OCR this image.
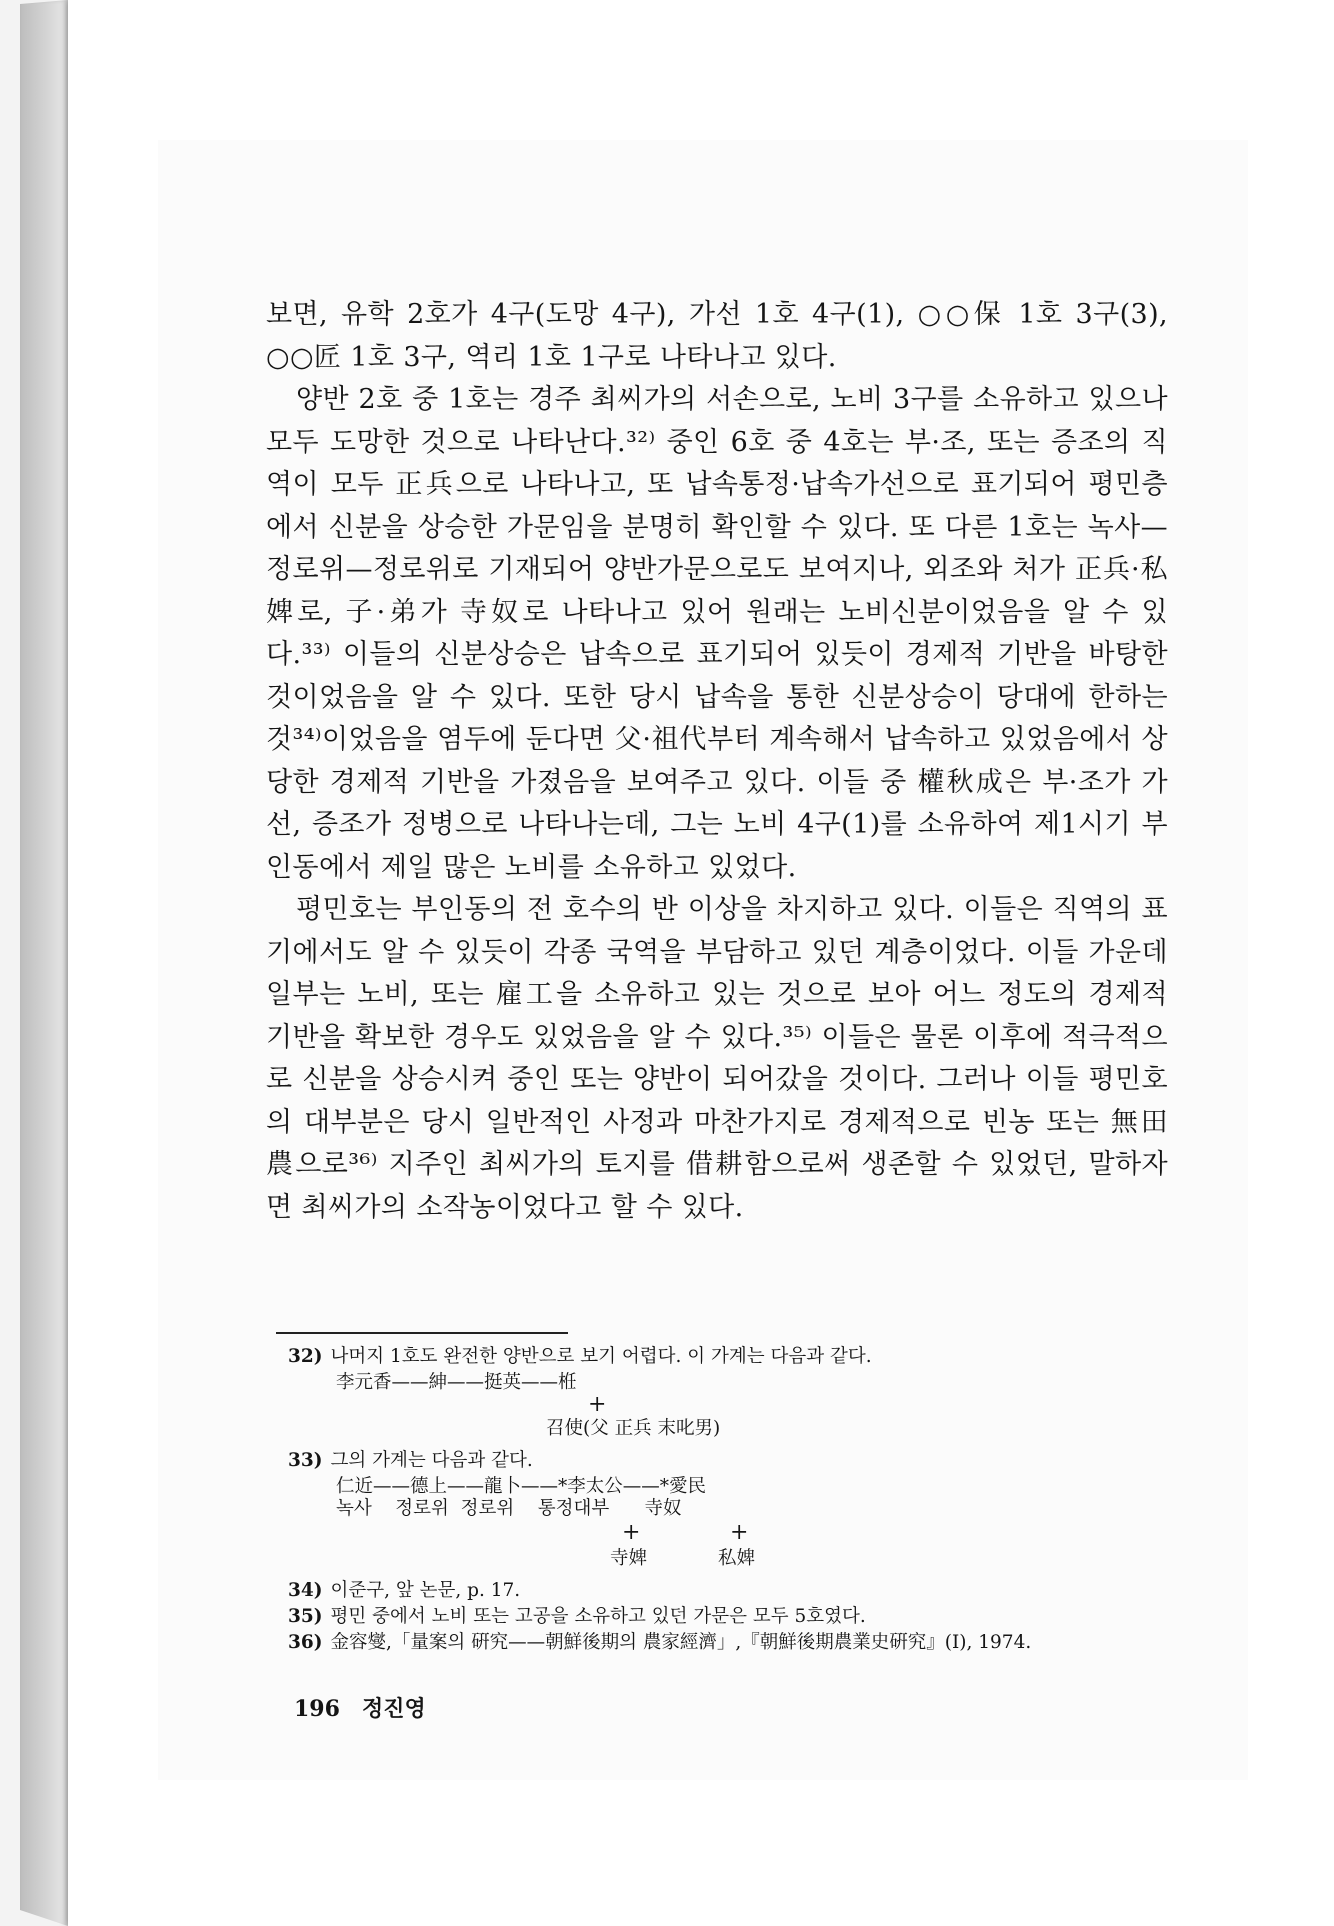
보면, 유학 2호가 4구(도망 4구), 가선 1호 4구(1), ○○保 1호 3구(3), ○○匠 1호 3구, 역리 1호 1구로 나타나고 있다.

양반 2호 중 1호는 경주 최씨가의 서손으로, 노비 3구를 소유하고 있으나 모두 도망한 것으로 나타난다.³²⁾ 중인 6호 중 4호는 부·조, 또는 증조의 직역이 모두 正兵으로 나타나고, 또 납속통정·납속가선으로 표기되어 평민층에서 신분을 상승한 가문임을 분명히 확인할 수 있다. 또 다른 1호는 녹사—정로위—정로위로 기재되어 양반가문으로도 보여지나, 외조와 처가 正兵·私婢로, 子·弟가 寺奴로 나타나고 있어 원래는 노비신분이었음을 알 수 있다.³³⁾ 이들의 신분상승은 납속으로 표기되어 있듯이 경제적 기반을 바탕한 것이었음을 알 수 있다. 또한 당시 납속을 통한 신분상승이 당대에 한하는 것³⁴⁾이었음을 염두에 둔다면 父·祖代부터 계속해서 납속하고 있었음에서 상당한 경제적 기반을 가졌음을 보여주고 있다. 이들 중 權秋成은 부·조가 가선, 증조가 정병으로 나타나는데, 그는 노비 4구(1)를 소유하여 제1시기 부인동에서 제일 많은 노비를 소유하고 있었다.

평민호는 부인동의 전 호수의 반 이상을 차지하고 있다. 이들은 직역의 표기에서도 알 수 있듯이 각종 국역을 부담하고 있던 계층이었다. 이들 가운데 일부는 노비, 또는 雇工을 소유하고 있는 것으로 보아 어느 정도의 경제적 기반을 확보한 경우도 있었음을 알 수 있다.³⁵⁾ 이들은 물론 이후에 적극적으로 신분을 상승시켜 중인 또는 양반이 되어갔을 것이다. 그러나 이들 평민호의 대부분은 당시 일반적인 사정과 마찬가지로 경제적으로 빈농 또는 無田農으로³⁶⁾ 지주인 최씨가의 토지를 借耕함으로써 생존할 수 있었던, 말하자면 최씨가의 소작농이었다고 할 수 있다.

32) 나머지 1호도 완전한 양반으로 보기 어렵다. 이 가계는 다음과 같다.

李元香——紳——挺英——栣
+
召使(父 正兵 末叱男)

33) 그의 가계는 다음과 같다.

仁近——德上——龍卜——*李太公——*愛民
녹사    정로위  정로위    통정대부      寺奴
+	+
寺婢	私婢

34) 이준구, 앞 논문, p. 17.

35) 평민 중에서 노비 또는 고공을 소유하고 있던 가문은 모두 5호였다.

36) 金容燮,「量案의 硏究——朝鮮後期의 農家經濟」,『朝鮮後期農業史硏究』(I), 1974.

196 정진영
